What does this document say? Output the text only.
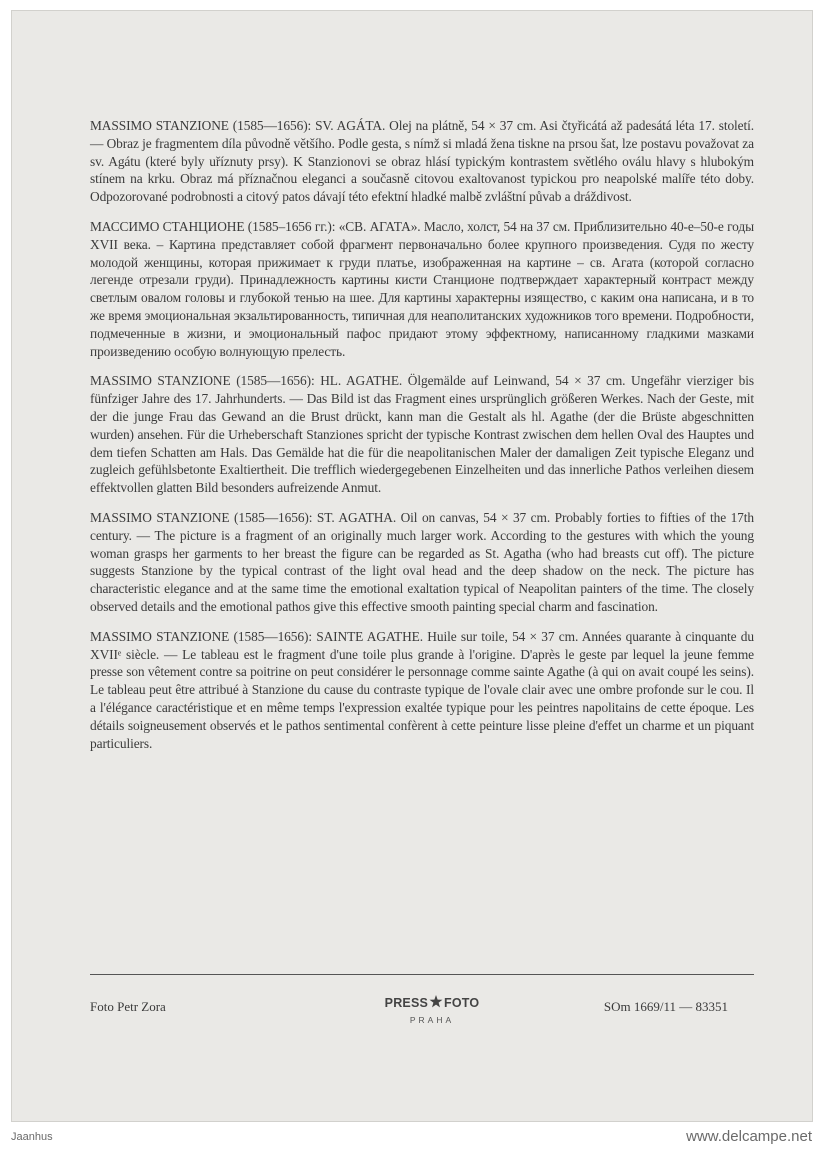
MASSIMO STANZIONE (1585—1656): SV. AGÁTA. Olej na plátně, 54 × 37 cm. Asi čtyřicátá až padesátá léta 17. století. — Obraz je fragmentem díla původně většího. Podle gesta, s nímž si mladá žena tiskne na prsou šat, lze postavu považovat za sv. Agátu (které byly uříznuty prsy). K Stanzionovi se obraz hlásí typickým kontrastem světlého oválu hlavy s hlubokým stínem na krku. Obraz má příznačnou eleganci a současně citovou exaltovanost typickou pro neapolské malíře této doby. Odpozorované podrobnosti a citový patos dávají této efektní hladké malbě zvláštní půvab a dráždivost.

МАССИМО СТАНЦИОНЕ (1585–1656 гг.): «СВ. АГАТА». Масло, холст, 54 на 37 см. Приблизительно 40-е–50-е годы XVII века. – Картина представляет собой фрагмент первоначально более крупного произведения. Судя по жесту молодой женщины, которая прижимает к груди платье, изображенная на картине – св. Агата (которой согласно легенде отрезали груди). Принадлежность картины кисти Станционе подтверждает характерный контраст между светлым овалом головы и глубокой тенью на шее. Для картины характерны изящество, с каким она написана, и в то же время эмоциональная экзальтированность, типичная для неаполитанских художников того времени. Подробности, подмеченные в жизни, и эмоциональный пафос придают этому эффектному, написанному гладкими мазками произведению особую волнующую прелесть.

MASSIMO STANZIONE (1585—1656): HL. AGATHE. Ölgemälde auf Leinwand, 54 × 37 cm. Ungefähr vierziger bis fünfziger Jahre des 17. Jahrhunderts. — Das Bild ist das Fragment eines ursprünglich größeren Werkes. Nach der Geste, mit der die junge Frau das Gewand an die Brust drückt, kann man die Gestalt als hl. Agathe (der die Brüste abgeschnitten wurden) ansehen. Für die Urheberschaft Stanziones spricht der typische Kontrast zwischen dem hellen Oval des Hauptes und dem tiefen Schatten am Hals. Das Gemälde hat die für die neapolitanischen Maler der damaligen Zeit typische Eleganz und zugleich gefühlsbetonte Exaltiertheit. Die trefflich wiedergegebenen Einzelheiten und das innerliche Pathos verleihen diesem effektvollen glatten Bild besonders aufreizende Anmut.

MASSIMO STANZIONE (1585—1656): ST. AGATHA. Oil on canvas, 54 × 37 cm. Probably forties to fifties of the 17th century. — The picture is a fragment of an originally much larger work. According to the gestures with which the young woman grasps her garments to her breast the figure can be regarded as St. Agatha (who had breasts cut off). The picture suggests Stanzione by the typical contrast of the light oval head and the deep shadow on the neck. The picture has characteristic elegance and at the same time the emotional exaltation typical of Neapolitan painters of the time. The closely observed details and the emotional pathos give this effective smooth painting special charm and fascination.

MASSIMO STANZIONE (1585—1656): SAINTE AGATHE. Huile sur toile, 54 × 37 cm. Années quarante à cinquante du XVIIᵉ siècle. — Le tableau est le fragment d'une toile plus grande à l'origine. D'après le geste par lequel la jeune femme presse son vêtement contre sa poitrine on peut considérer le personnage comme sainte Agathe (à qui on avait coupé les seins). Le tableau peut être attribué à Stanzione du cause du contraste typique de l'ovale clair avec une ombre profonde sur le cou. Il a l'élégance caractéristique et en même temps l'expression exaltée typique pour les peintres napolitains de cette époque. Les détails soigneusement observés et le pathos sentimental confèrent à cette peinture lisse pleine d'effet un charme et un piquant particuliers.

Foto Petr Zora	PRESS FOTO
PRAHA
SOm 1669/11 — 83351
Jaanhus	www.delcampe.net
